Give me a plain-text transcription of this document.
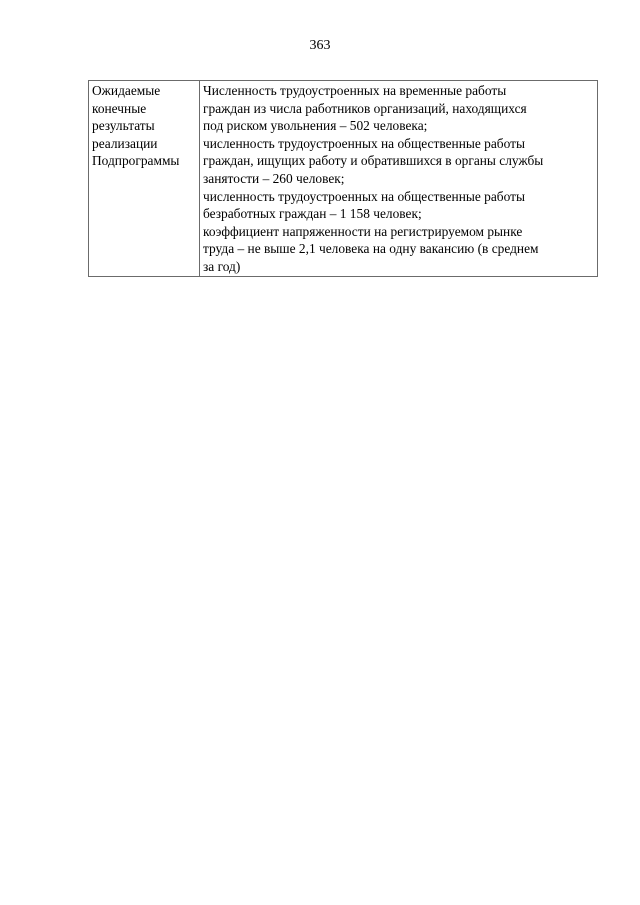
363
Ожидаемые
конечные
результаты
реализации
Подпрограммы

Численность трудоустроенных на временные работы
граждан из числа работников организаций, находящихся
под риском увольнения – 502 человека;
численность трудоустроенных на общественные работы
граждан, ищущих работу и обратившихся в органы службы
занятости – 260 человек;
численность трудоустроенных на общественные работы
безработных граждан – 1 158 человек;
коэффициент напряженности на регистрируемом рынке
труда – не выше 2,1 человека на одну вакансию (в среднем
за год)
